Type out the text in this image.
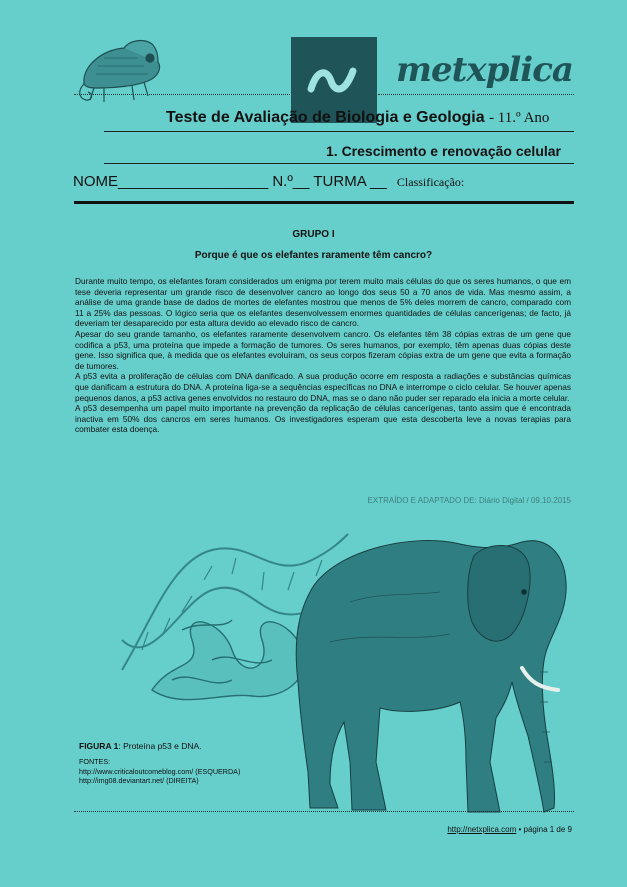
metxplica
Teste de Avaliação de Biologia e Geologia - 11.º Ano
1. Crescimento e renovação celular
NOME__________________ N.º__ TURMA __ Classificação:
GRUPO I
Porque é que os elefantes raramente têm cancro?

Durante muito tempo, os elefantes foram considerados um enigma por terem muito mais células do que os seres humanos, o que em tese deveria representar um grande risco de desenvolver cancro ao longo dos seus 50 a 70 anos de vida. Mas mesmo assim, a análise de uma grande base de dados de mortes de elefantes mostrou que menos de 5% deles morrem de cancro, comparado com 11 a 25% das pessoas. O lógico seria que os elefantes desenvolvessem enormes quantidades de células cancerígenas; de facto, já deveriam ter desaparecido por esta altura devido ao elevado risco de cancro.

Apesar do seu grande tamanho, os elefantes raramente desenvolvem cancro. Os elefantes têm 38 cópias extras de um gene que codifica a p53, uma proteína que impede a formação de tumores. Os seres humanos, por exemplo, têm apenas duas cópias deste gene. Isso significa que, à medida que os elefantes evoluíram, os seus corpos fizeram cópias extra de um gene que evita a formação de tumores.

A p53 evita a proliferação de células com DNA danificado. A sua produção ocorre em resposta a radiações e substâncias químicas que danificam a estrutura do DNA. A proteína liga-se a sequências específicas no DNA e interrompe o ciclo celular. Se houver apenas pequenos danos, a p53 activa genes envolvidos no restauro do DNA, mas se o dano não puder ser reparado ela inicia a morte celular.

A p53 desempenha um papel muito importante na prevenção da replicação de células cancerígenas, tanto assim que é encontrada inactiva em 50% dos cancros em seres humanos. Os investigadores esperam que esta descoberta leve a novas terapias para combater esta doença.

EXTRAÍDO E ADAPTADO DE: Diário Digital / 09.10.2015
FIGURA 1: Proteína p53 e DNA.
FONTES:
http://www.criticaloutcomeblog.com/ (ESQUERDA)
http://img08.deviantart.net/ (DIREITA)
http://netxplica.com • página 1 de 9
